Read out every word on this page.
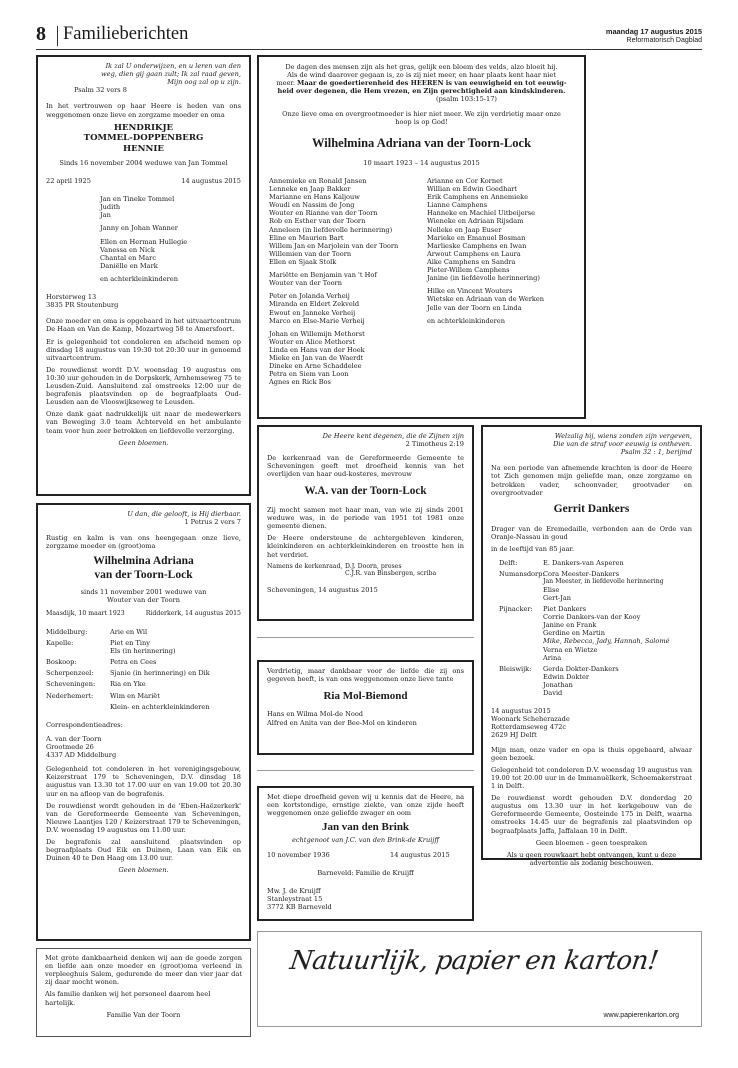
8 Familieberichten	maandag 17 augustus 2015
Reformatorisch Dagblad
Ik zal U onderwijzen, en u leren van den
weg, dien gij gaan zult; Ik zal raad geven,
Mijn oog zal op u zijn.
Psalm 32 vers 8

In het vertrouwen op haar Heere is heden van ons weggenomen onze lieve en zorgzame moeder en oma

HENDRIKJE
TOMMEL-DOPPENBERG
HENNIE
Sinds 16 november 2004 weduwe van Jan Tommel
22 april 1925	14 augustus 2015
Jan en Tineke Tommel
Judith
Jan
Janny en Johan Wanner
Ellen en Herman Hullegie
Vanessa en Nick
Chantal en Marc
Daniëlle en Mark
en achterkleinkinderen
Horsterweg 13
3835 PR Stoutenburg

Onze moeder en oma is opgebaard in het uitvaartcentrum De Haan en Van de Kamp, Mozartweg 58 te Amersfoort.

Er is gelegenheid tot condoleren en afscheid nemen op dinsdag 18 augustus van 19:30 tot 20:30 uur in genoemd uitvaartcentrum.

De rouwdienst wordt D.V. woensdag 19 augustus om 10:30 uur gehouden in de Dorpskerk, Arnhemseweg 75 te Leusden-Zuid. Aansluitend zal omstreeks 12:00 uur de begrafenis plaatsvinden op de begraafplaats Oud-Leusden aan de Vlooswijkseweg te Leusden.

Onze dank gaat nadrukkelijk uit naar de medewerkers van Beweging 3.0 team Achterveld en het ambulante team voor hun zeer betrokken en liefdevolle verzorging.

Geen bloemen.
De dagen des mensen zijn als het gras, gelijk een bloem des velds, alzo bloeit hij.
Als de wind daarover gegaan is, zo is zij niet meer, en haar plaats kent haar niet
meer. Maar de goedertierenheid des HEEREN is van eeuwigheid en tot eeuwig-
heid over degenen, die Hem vrezen, en Zijn gerechtigheid aan kindskinderen.
(psalm 103:15-17)
Onze lieve oma en overgrootmoeder is hier niet meer. We zijn verdrietig maar onze
hoop is op God!
Wilhelmina Adriana van der Toorn-Lock
10 maart 1923 – 14 augustus 2015
Annemieke en Ronald Jansen
Lenneke en Jaap Bakker
Marianne en Hans Kaljouw
Woudi en Nassim de Jong
Wouter en Rianne van der Toorn
Rob en Esther van der Toorn
Anneleen (in liefdevolle herinnering)
Eline en Maurien Bart
Willem Jan en Marjolein van der Toorn
Willemien van der Toorn
Ellen en Sjaak Stolk
Mariëtte en Benjamin van 't Hof
Wouter van der Toorn
Peter en Jolanda Verheij
Miranda en Eldert Zekveld
Ewout en Janneke Verheij
Marco en Else-Marie Verheij
Johan en Willemijn Methorst
Wouter en Alice Methorst
Linda en Hans van der Hoek
Mieke en Jan van de Waerdt
Dineke en Arne Schaddelee
Petra en Siem van Loon
Agnes en Rick Bos
Arianne en Cor Kornet
Willian en Edwin Goedhart
Erik Camphens en Annemieke
Lianne Camphens
Hanneke en Machiel Uitbeijerse
Wieneke en Adriaan Rijsdam
Nelleke en Jaap Euser
Marieke en Emanuel Bosman
Marlieske Camphens en Iwan
Arwout Camphens en Laura
Aike Camphens en Sandra
Pieter-Willem Camphens
Janine (in liefdevolle herinnering)
Hilke en Vincent Wouters
Wietske en Adriaan van de Werken
Jelle van der Toorn en Linda
en achterkleinkinderen
U dan, die gelooft, is Hij dierbaar.
1 Petrus 2 vers 7

Rustig en kalm is van ons heengegaan onze lieve, zorgzame moeder en (groot)oma

Wilhelmina Adriana
van der Toorn-Lock
sinds 11 november 2001 weduwe van
Wouter van der Toorn
Maasdijk, 10 maart 1923	Ridderkerk, 14 augustus 2015
Middelburg:	Arie en Wil
Kapelle:	Piet en Tiny
Els (in herinnering)
Boskoop:	Petra en Cees
Scherpenzeel:	Sjanie (in herinnering) en Dik
Scheveningen:	Ria en Yke
Nederhemert:	Wim en Mariët
Klein- en achterkleinkinderen
Correspondentieadres:
A. van der Toorn
Grootmede 26
4337 AD Middelburg

Gelegenheid tot condoleren in het verenigingsgebouw, Keizerstraat 179 te Scheveningen, D.V. dinsdag 18 augustus van 13.30 tot 17.00 uur en van 19.00 tot 20.30 uur en na afloop van de begrafenis.

De rouwdienst wordt gehouden in de 'Eben-Haëzerkerk' van de Gereformeerde Gemeente van Scheveningen, Nieuwe Laantjes 120 / Keizerstraat 179 te Scheveningen, D.V. woensdag 19 augustus om 11.00 uur.

De begrafenis zal aansluitend plaatsvinden op begraafplaats Oud Eik en Duinen, Laan van Eik en Duinen 40 te Den Haag om 13.00 uur.

Geen bloemen.

Met grote dankbaarheid denken wij aan de goede zorgen en liefde aan onze moeder en (groot)oma verleend in verpleeghuis Salem, gedurende de meer dan vier jaar dat zij daar mocht wonen.

Als familie danken wij het personeel daarom heel hartelijk.

Familie Van der Toorn
De Heere kent degenen, die de Zijnen zijn
2 Timotheus 2:19

De kerkenraad van de Gereformeerde Gemeente te Scheveningen geeft met droefheid kennis van het overlijden van haar oud-kosteres, mevrouw

W.A. van der Toorn-Lock

Zij mocht samen met haar man, van wie zij sinds 2001 weduwe was, in de periode van 1951 tot 1981 onze gemeente dienen.

De Heere ondersteune de achtergebleven kinderen, kleinkinderen en achterkleinkinderen en troostte hen in het verdriet.

Namens de kerkenraad, D.J. Doorn, preses
C.J.R. van Binsbergen, scriba
Scheveningen, 14 augustus 2015

Verdrietig, maar dankbaar voor de liefde die zij ons gegeven heeft, is van ons weggenomen onze lieve tante

Ria Mol-Biemond
Hans en Wilma Mol-de Nood
Alfred en Anita van der Bee-Mol en kinderen

Met diepe droefheid geven wij u kennis dat de Heere, na een kortstondige, ernstige ziekte, van onze zijde heeft weggenomen onze geliefde zwager en oom

Jan van den Brink
echtgenoot van J.C. van den Brink-de Kruijff
10 november 1936	14 augustus 2015
Barneveld: Familie de Kruijff
Mw. J. de Kruijff
Stanleystraat 15
3772 KB Barneveld
Welzalig hij, wiens zonden zijn vergeven,
Die van de straf voor eeuwig is ontheven.
Psalm 32 : 1, berijmd

Na een periode van afnemende krachten is door de Heere tot Zich genomen mijn geliefde man, onze zorgzame en betrokken vader, schoonvader, grootvader en overgrootvader

Gerrit Dankers

Drager van de Eremedaille, verbonden aan de Orde van Oranje-Nassau in goud

in de leeftijd van 85 jaar.

Delft:	E. Dankers-van Asperen
Numansdorp:
Cora Meester-Dankers
Jan Meester, in liefdevolle herinnering
Elise
Gert-Jan
Pijnacker:	Piet Dankers
Corrie Dankers-van der Kooy
Janine en Frank
Gerdine en Martin
Mike, Rebecca, Jady, Hannah, Salomé
Verna en Wietze
Arina
Bleiswijk:	Gerda Dokter-Dankers
Edwin Dokter
Jonathan
David
14 augustus 2015
Woonark Scheherazade
Rotterdamseweg 472c
2629 HJ Delft

Mijn man, onze vader en opa is thuis opgebaard, alwaar geen bezoek.

Gelegenheid tot condoleren D.V. woensdag 19 augustus van 19.00 tot 20.00 uur in de Immanuëlkerk, Schoemakerstraat 1 in Delft.

De rouwdienst wordt gehouden D.V. donderdag 20 augustus om 13.30 uur in het kerkgebouw van de Gereformeerde Gemeente, Oosteinde 175 in Delft, waarna omstreeks 14.45 uur de begrafenis zal plaatsvinden op begraafplaats Jaffa, Jaffalaan 10 in Delft.

Geen bloemen – geen toespraken
Als u geen rouwkaart hebt ontvangen, kunt u deze advertentie als zodanig beschouwen.
Natuurlijk, papier en karton!
www.papierenkarton.org
